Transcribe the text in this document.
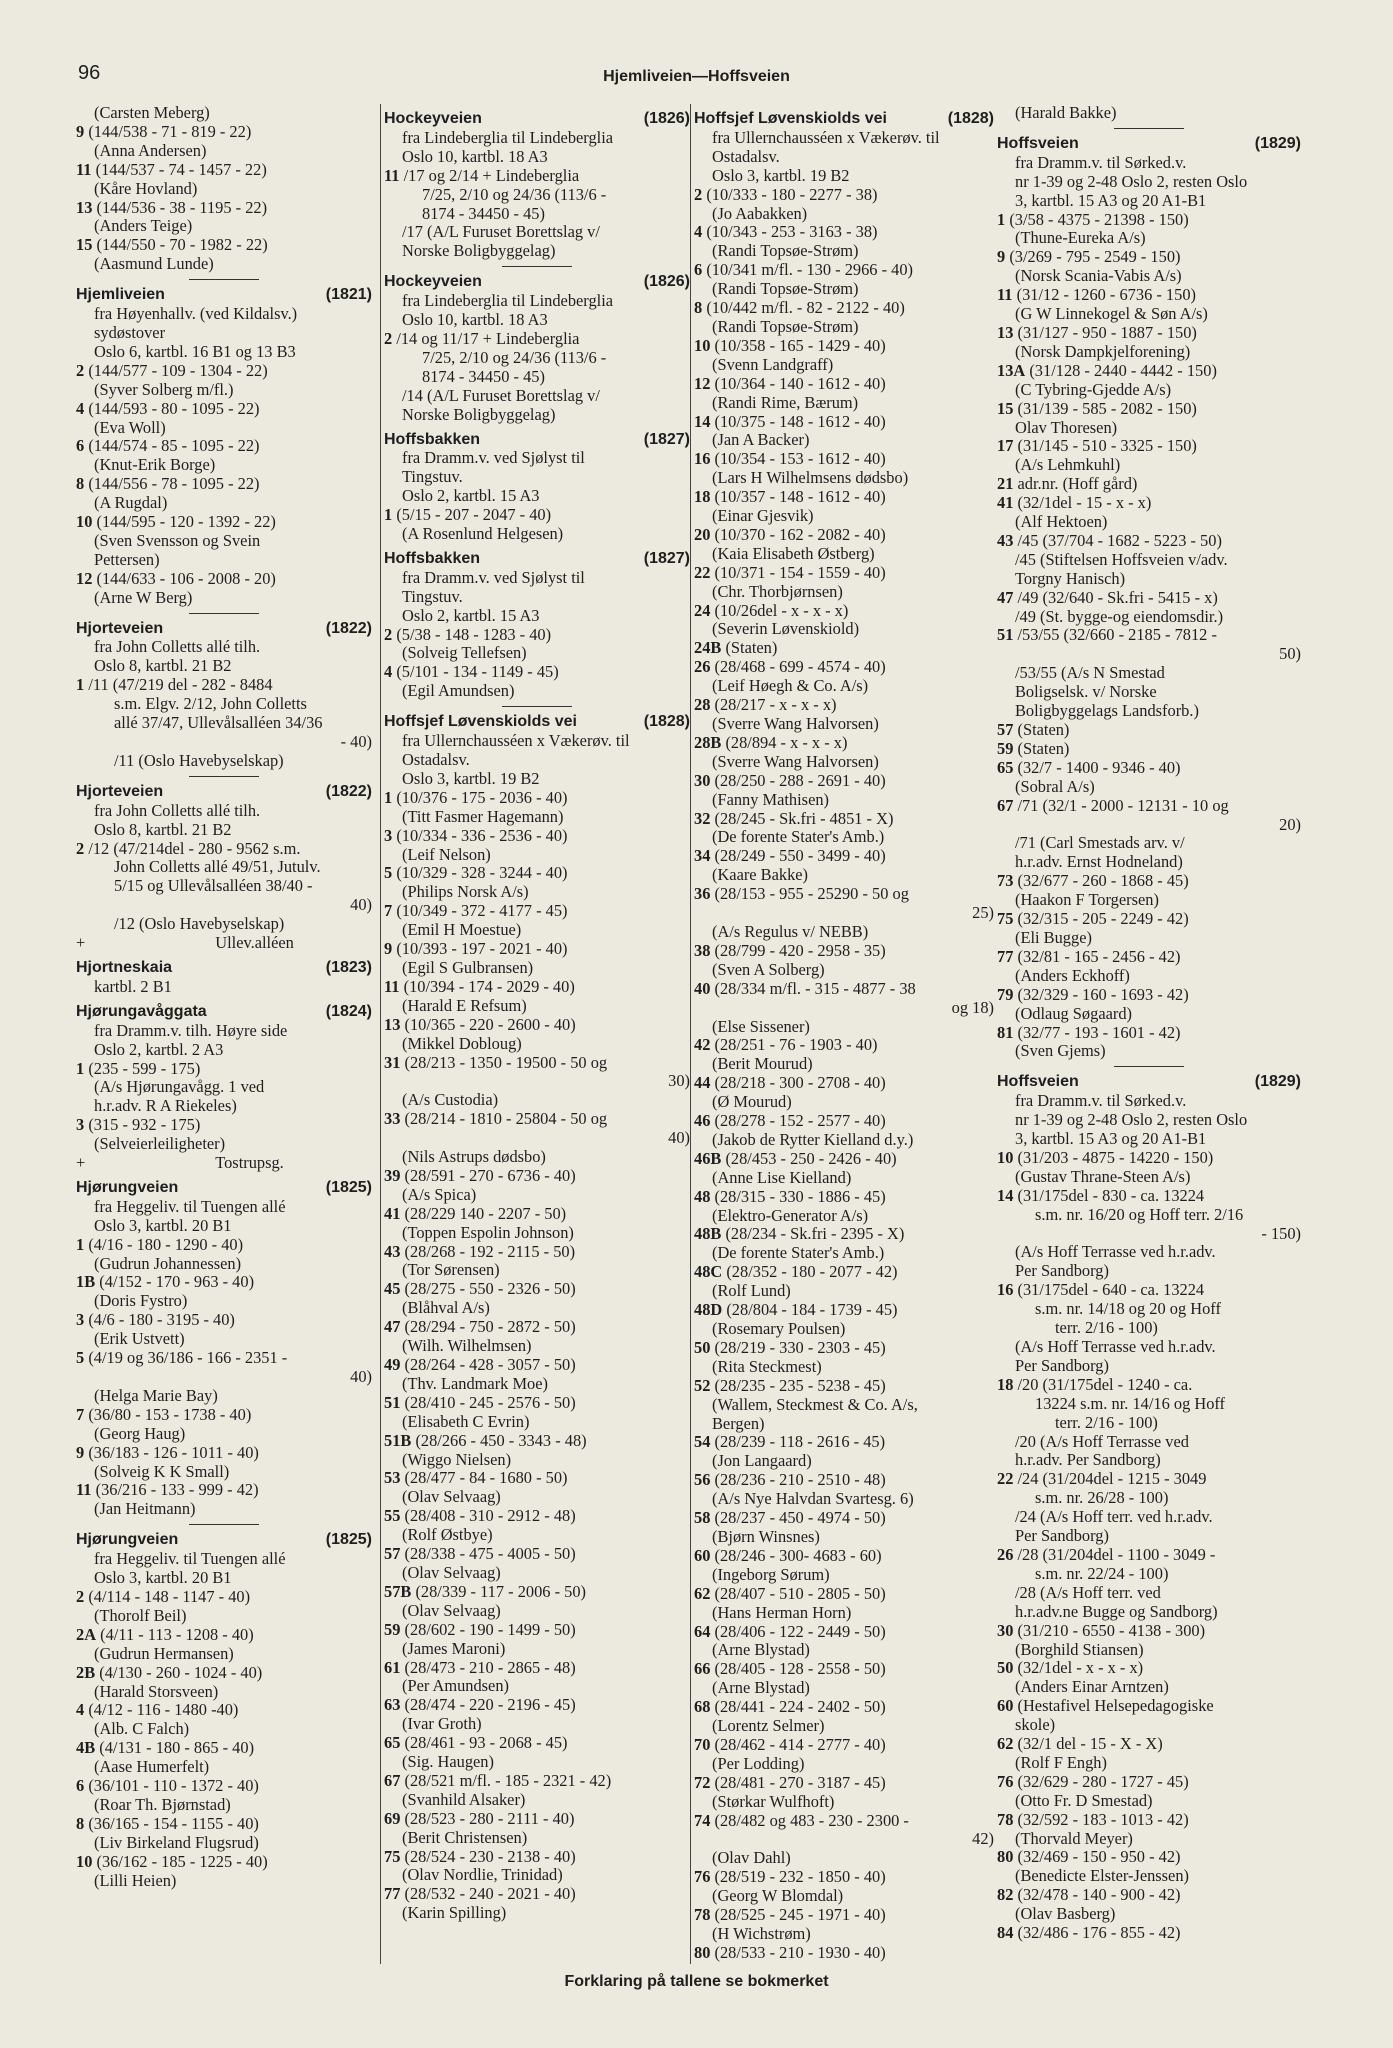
96	Hjemliveien—Hoffsveien
(Carsten Meberg)
9 (144/538 - 71 - 819 - 22)
(Anna Andersen)
11 (144/537 - 74 - 1457 - 22)
(Kåre Hovland)
13 (144/536 - 38 - 1195 - 22)
(Anders Teige)
15 (144/550 - 70 - 1982 - 22)
(Aasmund Lunde)
Hjemliveien	(1821)
fra Høyenhallv. (ved Kildalsv.)
sydøstover
Oslo 6, kartbl. 16 B1 og 13 B3
2 (144/577 - 109 - 1304 - 22)
(Syver Solberg m/fl.)
4 (144/593 - 80 - 1095 - 22)
(Eva Woll)
6 (144/574 - 85 - 1095 - 22)
(Knut-Erik Borge)
8 (144/556 - 78 - 1095 - 22)
(A Rugdal)
10 (144/595 - 120 - 1392 - 22)
(Sven Svensson og Svein
Pettersen)
12 (144/633 - 106 - 2008 - 20)
(Arne W Berg)
Hjorteveien	(1822)
fra John Colletts allé tilh.
Oslo 8, kartbl. 21 B2
1 /11 (47/219 del - 282 - 8484
s.m. Elgv. 2/12, John Colletts
allé 37/47, Ullevålsalléen 34/36
- 40)
/11 (Oslo Havebyselskap)
Hjorteveien	(1822)
fra John Colletts allé tilh.
Oslo 8, kartbl. 21 B2
2 /12 (47/214del - 280 - 9562 s.m.
John Colletts allé 49/51, Jutulv.
5/15 og Ullevålsalléen 38/40 -
40)
/12 (Oslo Havebyselskap)
+	Ullev.alléen
Hjortneskaia	(1823)
kartbl. 2 B1
Hjørungavåggata	(1824)
fra Dramm.v. tilh. Høyre side
Oslo 2, kartbl. 2 A3
1 (235 - 599 - 175)
(A/s Hjørungavågg. 1 ved
h.r.adv. R A Riekeles)
3 (315 - 932 - 175)
(Selveierleiligheter)
+	Tostrupsg.
Hjørungveien	(1825)
fra Heggeliv. til Tuengen allé
Oslo 3, kartbl. 20 B1
1 (4/16 - 180 - 1290 - 40)
(Gudrun Johannessen)
1B (4/152 - 170 - 963 - 40)
(Doris Fystro)
3 (4/6 - 180 - 3195 - 40)
(Erik Ustvett)
5 (4/19 og 36/186 - 166 - 2351 -
40)
(Helga Marie Bay)
7 (36/80 - 153 - 1738 - 40)
(Georg Haug)
9 (36/183 - 126 - 1011 - 40)
(Solveig K K Small)
11 (36/216 - 133 - 999 - 42)
(Jan Heitmann)
Hjørungveien	(1825)
fra Heggeliv. til Tuengen allé
Oslo 3, kartbl. 20 B1
2 (4/114 - 148 - 1147 - 40)
(Thorolf Beil)
2A (4/11 - 113 - 1208 - 40)
(Gudrun Hermansen)
2B (4/130 - 260 - 1024 - 40)
(Harald Storsveen)
4 (4/12 - 116 - 1480 -40)
(Alb. C Falch)
4B (4/131 - 180 - 865 - 40)
(Aase Humerfelt)
6 (36/101 - 110 - 1372 - 40)
(Roar Th. Bjørnstad)
8 (36/165 - 154 - 1155 - 40)
(Liv Birkeland Flugsrud)
10 (36/162 - 185 - 1225 - 40)
(Lilli Heien)
Hockeyveien	(1826)
fra Lindeberglia til Lindeberglia
Oslo 10, kartbl. 18 A3
11 /17 og 2/14 + Lindeberglia
7/25, 2/10 og 24/36 (113/6 -
8174 - 34450 - 45)
/17 (A/L Furuset Borettslag v/
Norske Boligbyggelag)
Hockeyveien	(1826)
fra Lindeberglia til Lindeberglia
Oslo 10, kartbl. 18 A3
2 /14 og 11/17 + Lindeberglia
7/25, 2/10 og 24/36 (113/6 -
8174 - 34450 - 45)
/14 (A/L Furuset Borettslag v/
Norske Boligbyggelag)
Hoffsbakken	(1827)
fra Dramm.v. ved Sjølyst til
Tingstuv.
Oslo 2, kartbl. 15 A3
1 (5/15 - 207 - 2047 - 40)
(A Rosenlund Helgesen)
Hoffsbakken	(1827)
fra Dramm.v. ved Sjølyst til
Tingstuv.
Oslo 2, kartbl. 15 A3
2 (5/38 - 148 - 1283 - 40)
(Solveig Tellefsen)
4 (5/101 - 134 - 1149 - 45)
(Egil Amundsen)
Hoffsjef Løvenskiolds vei	(1828)
fra Ullernchausséen x Vækerøv. til
Ostadalsv.
Oslo 3, kartbl. 19 B2
1 (10/376 - 175 - 2036 - 40)
(Titt Fasmer Hagemann)
3 (10/334 - 336 - 2536 - 40)
(Leif Nelson)
5 (10/329 - 328 - 3244 - 40)
(Philips Norsk A/s)
7 (10/349 - 372 - 4177 - 45)
(Emil H Moestue)
9 (10/393 - 197 - 2021 - 40)
(Egil S Gulbransen)
11 (10/394 - 174 - 2029 - 40)
(Harald E Refsum)
13 (10/365 - 220 - 2600 - 40)
(Mikkel Dobloug)
31 (28/213 - 1350 - 19500 - 50 og
30)
(A/s Custodia)
33 (28/214 - 1810 - 25804 - 50 og
40)
(Nils Astrups dødsbo)
39 (28/591 - 270 - 6736 - 40)
(A/s Spica)
41 (28/229 140 - 2207 - 50)
(Toppen Espolin Johnson)
43 (28/268 - 192 - 2115 - 50)
(Tor Sørensen)
45 (28/275 - 550 - 2326 - 50)
(Blåhval A/s)
47 (28/294 - 750 - 2872 - 50)
(Wilh. Wilhelmsen)
49 (28/264 - 428 - 3057 - 50)
(Thv. Landmark Moe)
51 (28/410 - 245 - 2576 - 50)
(Elisabeth C Evrin)
51B (28/266 - 450 - 3343 - 48)
(Wiggo Nielsen)
53 (28/477 - 84 - 1680 - 50)
(Olav Selvaag)
55 (28/408 - 310 - 2912 - 48)
(Rolf Østbye)
57 (28/338 - 475 - 4005 - 50)
(Olav Selvaag)
57B (28/339 - 117 - 2006 - 50)
(Olav Selvaag)
59 (28/602 - 190 - 1499 - 50)
(James Maroni)
61 (28/473 - 210 - 2865 - 48)
(Per Amundsen)
63 (28/474 - 220 - 2196 - 45)
(Ivar Groth)
65 (28/461 - 93 - 2068 - 45)
(Sig. Haugen)
67 (28/521 m/fl. - 185 - 2321 - 42)
(Svanhild Alsaker)
69 (28/523 - 280 - 2111 - 40)
(Berit Christensen)
75 (28/524 - 230 - 2138 - 40)
(Olav Nordlie, Trinidad)
77 (28/532 - 240 - 2021 - 40)
(Karin Spilling)
Hoffsjef Løvenskiolds vei	(1828)
fra Ullernchausséen x Vækerøv. til
Ostadalsv.
Oslo 3, kartbl. 19 B2
2 (10/333 - 180 - 2277 - 38)
(Jo Aabakken)
4 (10/343 - 253 - 3163 - 38)
(Randi Topsøe-Strøm)
6 (10/341 m/fl. - 130 - 2966 - 40)
(Randi Topsøe-Strøm)
8 (10/442 m/fl. - 82 - 2122 - 40)
(Randi Topsøe-Strøm)
10 (10/358 - 165 - 1429 - 40)
(Svenn Landgraff)
12 (10/364 - 140 - 1612 - 40)
(Randi Rime, Bærum)
14 (10/375 - 148 - 1612 - 40)
(Jan A Backer)
16 (10/354 - 153 - 1612 - 40)
(Lars H Wilhelmsens dødsbo)
18 (10/357 - 148 - 1612 - 40)
(Einar Gjesvik)
20 (10/370 - 162 - 2082 - 40)
(Kaia Elisabeth Østberg)
22 (10/371 - 154 - 1559 - 40)
(Chr. Thorbjørnsen)
24 (10/26del - x - x - x)
(Severin Løvenskiold)
24B (Staten)
26 (28/468 - 699 - 4574 - 40)
(Leif Høegh & Co. A/s)
28 (28/217 - x - x - x)
(Sverre Wang Halvorsen)
28B (28/894 - x - x - x)
(Sverre Wang Halvorsen)
30 (28/250 - 288 - 2691 - 40)
(Fanny Mathisen)
32 (28/245 - Sk.fri - 4851 - X)
(De forente Stater's Amb.)
34 (28/249 - 550 - 3499 - 40)
(Kaare Bakke)
36 (28/153 - 955 - 25290 - 50 og
25)
(A/s Regulus v/ NEBB)
38 (28/799 - 420 - 2958 - 35)
(Sven A Solberg)
40 (28/334 m/fl. - 315 - 4877 - 38
og 18)
(Else Sissener)
42 (28/251 - 76 - 1903 - 40)
(Berit Mourud)
44 (28/218 - 300 - 2708 - 40)
(Ø Mourud)
46 (28/278 - 152 - 2577 - 40)
(Jakob de Rytter Kielland d.y.)
46B (28/453 - 250 - 2426 - 40)
(Anne Lise Kielland)
48 (28/315 - 330 - 1886 - 45)
(Elektro-Generator A/s)
48B (28/234 - Sk.fri - 2395 - X)
(De forente Stater's Amb.)
48C (28/352 - 180 - 2077 - 42)
(Rolf Lund)
48D (28/804 - 184 - 1739 - 45)
(Rosemary Poulsen)
50 (28/219 - 330 - 2303 - 45)
(Rita Steckmest)
52 (28/235 - 235 - 5238 - 45)
(Wallem, Steckmest & Co. A/s,
Bergen)
54 (28/239 - 118 - 2616 - 45)
(Jon Langaard)
56 (28/236 - 210 - 2510 - 48)
(A/s Nye Halvdan Svartesg. 6)
58 (28/237 - 450 - 4974 - 50)
(Bjørn Winsnes)
60 (28/246 - 300- 4683 - 60)
(Ingeborg Sørum)
62 (28/407 - 510 - 2805 - 50)
(Hans Herman Horn)
64 (28/406 - 122 - 2449 - 50)
(Arne Blystad)
66 (28/405 - 128 - 2558 - 50)
(Arne Blystad)
68 (28/441 - 224 - 2402 - 50)
(Lorentz Selmer)
70 (28/462 - 414 - 2777 - 40)
(Per Lodding)
72 (28/481 - 270 - 3187 - 45)
(Størkar Wulfhoft)
74 (28/482 og 483 - 230 - 2300 -
42)
(Olav Dahl)
76 (28/519 - 232 - 1850 - 40)
(Georg W Blomdal)
78 (28/525 - 245 - 1971 - 40)
(H Wichstrøm)
80 (28/533 - 210 - 1930 - 40)
(Harald Bakke)
Hoffsveien	(1829)
fra Dramm.v. til Sørked.v.
nr 1-39 og 2-48 Oslo 2, resten Oslo
3, kartbl. 15 A3 og 20 A1-B1
1 (3/58 - 4375 - 21398 - 150)
(Thune-Eureka A/s)
9 (3/269 - 795 - 2549 - 150)
(Norsk Scania-Vabis A/s)
11 (31/12 - 1260 - 6736 - 150)
(G W Linnekogel & Søn A/s)
13 (31/127 - 950 - 1887 - 150)
(Norsk Dampkjelforening)
13A (31/128 - 2440 - 4442 - 150)
(C Tybring-Gjedde A/s)
15 (31/139 - 585 - 2082 - 150)
Olav Thoresen)
17 (31/145 - 510 - 3325 - 150)
(A/s Lehmkuhl)
21 adr.nr. (Hoff gård)
41 (32/1del - 15 - x - x)
(Alf Hektoen)
43 /45 (37/704 - 1682 - 5223 - 50)
/45 (Stiftelsen Hoffsveien v/adv.
Torgny Hanisch)
47 /49 (32/640 - Sk.fri - 5415 - x)
/49 (St. bygge-og eiendomsdir.)
51 /53/55 (32/660 - 2185 - 7812 -
50)
/53/55 (A/s N Smestad
Boligselsk. v/ Norske
Boligbyggelags Landsforb.)
57 (Staten)
59 (Staten)
65 (32/7 - 1400 - 9346 - 40)
(Sobral A/s)
67 /71 (32/1 - 2000 - 12131 - 10 og
20)
/71 (Carl Smestads arv. v/
h.r.adv. Ernst Hodneland)
73 (32/677 - 260 - 1868 - 45)
(Haakon F Torgersen)
75 (32/315 - 205 - 2249 - 42)
(Eli Bugge)
77 (32/81 - 165 - 2456 - 42)
(Anders Eckhoff)
79 (32/329 - 160 - 1693 - 42)
(Odlaug Søgaard)
81 (32/77 - 193 - 1601 - 42)
(Sven Gjems)
Hoffsveien	(1829)
fra Dramm.v. til Sørked.v.
nr 1-39 og 2-48 Oslo 2, resten Oslo
3, kartbl. 15 A3 og 20 A1-B1
10 (31/203 - 4875 - 14220 - 150)
(Gustav Thrane-Steen A/s)
14 (31/175del - 830 - ca. 13224
s.m. nr. 16/20 og Hoff terr. 2/16
- 150)
(A/s Hoff Terrasse ved h.r.adv.
Per Sandborg)
16 (31/175del - 640 - ca. 13224
s.m. nr. 14/18 og 20 og Hoff
terr. 2/16 - 100)
(A/s Hoff Terrasse ved h.r.adv.
Per Sandborg)
18 /20 (31/175del - 1240 - ca.
13224 s.m. nr. 14/16 og Hoff
terr. 2/16 - 100)
/20 (A/s Hoff Terrasse ved
h.r.adv. Per Sandborg)
22 /24 (31/204del - 1215 - 3049
s.m. nr. 26/28 - 100)
/24 (A/s Hoff terr. ved h.r.adv.
Per Sandborg)
26 /28 (31/204del - 1100 - 3049 -
s.m. nr. 22/24 - 100)
/28 (A/s Hoff terr. ved
h.r.adv.ne Bugge og Sandborg)
30 (31/210 - 6550 - 4138 - 300)
(Borghild Stiansen)
50 (32/1del - x - x - x)
(Anders Einar Arntzen)
60 (Hestafivel Helsepedagogiske
skole)
62 (32/1 del - 15 - X - X)
(Rolf F Engh)
76 (32/629 - 280 - 1727 - 45)
(Otto Fr. D Smestad)
78 (32/592 - 183 - 1013 - 42)
(Thorvald Meyer)
80 (32/469 - 150 - 950 - 42)
(Benedicte Elster-Jenssen)
82 (32/478 - 140 - 900 - 42)
(Olav Basberg)
84 (32/486 - 176 - 855 - 42)
Forklaring på tallene se bokmerket
